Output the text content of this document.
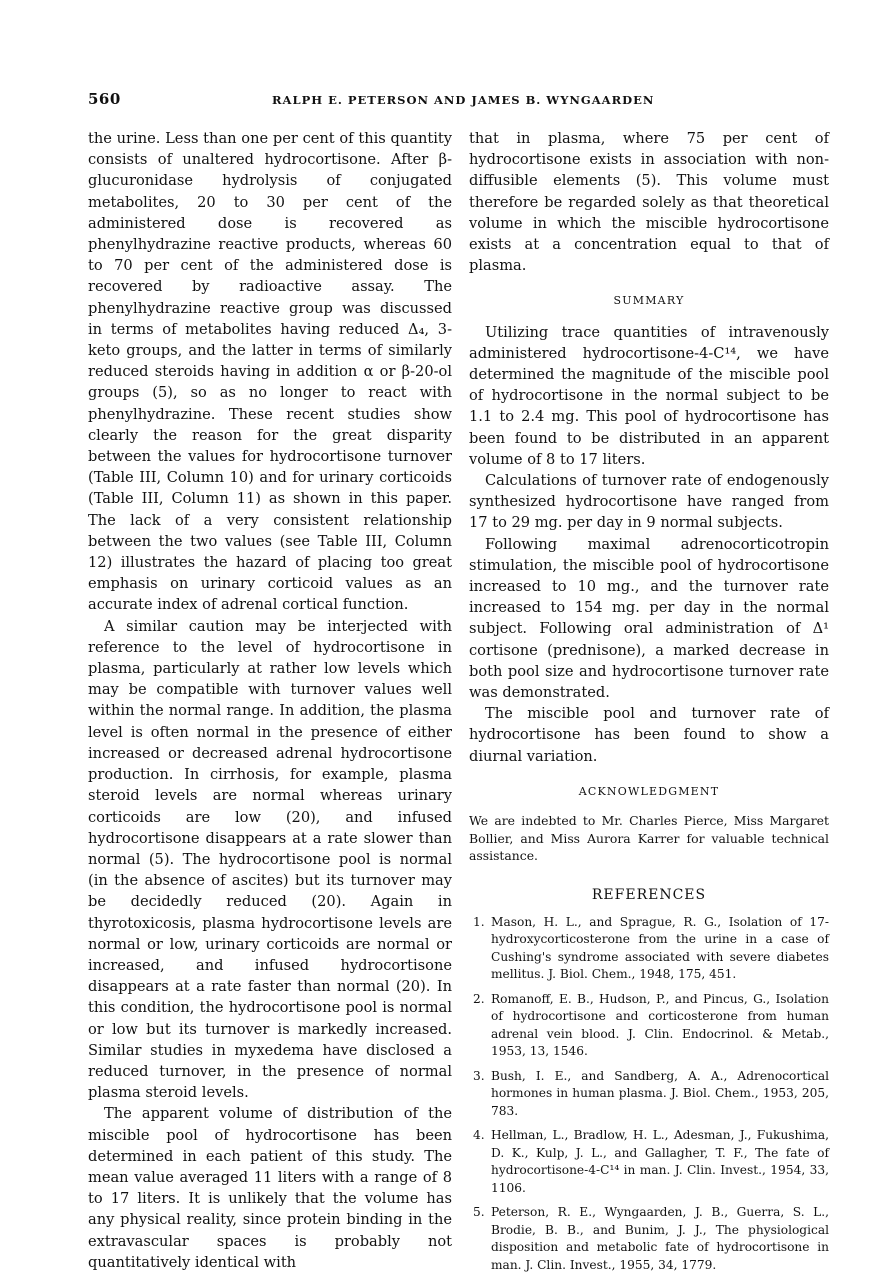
560	RALPH E. PETERSON AND JAMES B. WYNGAARDEN

the urine. Less than one per cent of this quantity consists of unaltered hydrocortisone. After β-glucuronidase hydrolysis of conjugated metabolites, 20 to 30 per cent of the administered dose is recovered as phenylhydrazine reactive products, whereas 60 to 70 per cent of the administered dose is recovered by radioactive assay. The phenylhydrazine reactive group was discussed in terms of metabolites having reduced Δ₄, 3-keto groups, and the latter in terms of similarly reduced steroids having in addition α or β-20-ol groups (5), so as no longer to react with phenylhydrazine. These recent studies show clearly the reason for the great disparity between the values for hydrocortisone turnover (Table III, Column 10) and for urinary corticoids (Table III, Column 11) as shown in this paper. The lack of a very consistent relationship between the two values (see Table III, Column 12) illustrates the hazard of placing too great emphasis on urinary corticoid values as an accurate index of adrenal cortical function.

A similar caution may be interjected with reference to the level of hydrocortisone in plasma, particularly at rather low levels which may be compatible with turnover values well within the normal range. In addition, the plasma level is often normal in the presence of either increased or decreased adrenal hydrocortisone production. In cirrhosis, for example, plasma steroid levels are normal whereas urinary corticoids are low (20), and infused hydrocortisone disappears at a rate slower than normal (5). The hydrocortisone pool is normal (in the absence of ascites) but its turnover may be decidedly reduced (20). Again in thyrotoxicosis, plasma hydrocortisone levels are normal or low, urinary corticoids are normal or increased, and infused hydrocortisone disappears at a rate faster than normal (20). In this condition, the hydrocortisone pool is normal or low but its turnover is markedly increased. Similar studies in myxedema have disclosed a reduced turnover, in the presence of normal plasma steroid levels.

The apparent volume of distribution of the miscible pool of hydrocortisone has been determined in each patient of this study. The mean value averaged 11 liters with a range of 8 to 17 liters. It is unlikely that the volume has any physical reality, since protein binding in the extravascular spaces is probably not quantitatively identical with

that in plasma, where 75 per cent of hydrocortisone exists in association with non-diffusible elements (5). This volume must therefore be regarded solely as that theoretical volume in which the miscible hydrocortisone exists at a concentration equal to that of plasma.

SUMMARY

Utilizing trace quantities of intravenously administered hydrocortisone-4-C¹⁴, we have determined the magnitude of the miscible pool of hydrocortisone in the normal subject to be 1.1 to 2.4 mg. This pool of hydrocortisone has been found to be distributed in an apparent volume of 8 to 17 liters.

Calculations of turnover rate of endogenously synthesized hydrocortisone have ranged from 17 to 29 mg. per day in 9 normal subjects.

Following maximal adrenocorticotropin stimulation, the miscible pool of hydrocortisone increased to 10 mg., and the turnover rate increased to 154 mg. per day in the normal subject. Following oral administration of Δ¹ cortisone (prednisone), a marked decrease in both pool size and hydrocortisone turnover rate was demonstrated.

The miscible pool and turnover rate of hydrocortisone has been found to show a diurnal variation.

ACKNOWLEDGMENT

We are indebted to Mr. Charles Pierce, Miss Margaret Bollier, and Miss Aurora Karrer for valuable technical assistance.

REFERENCES
1. Mason, H. L., and Sprague, R. G., Isolation of 17-hydroxycorticosterone from the urine in a case of Cushing's syndrome associated with severe diabetes mellitus. J. Biol. Chem., 1948, 175, 451.
2. Romanoff, E. B., Hudson, P., and Pincus, G., Isolation of hydrocortisone and corticosterone from human adrenal vein blood. J. Clin. Endocrinol. & Metab., 1953, 13, 1546.
3. Bush, I. E., and Sandberg, A. A., Adrenocortical hormones in human plasma. J. Biol. Chem., 1953, 205, 783.
4. Hellman, L., Bradlow, H. L., Adesman, J., Fukushima, D. K., Kulp, J. L., and Gallagher, T. F., The fate of hydrocortisone-4-C¹⁴ in man. J. Clin. Invest., 1954, 33, 1106.
5. Peterson, R. E., Wyngaarden, J. B., Guerra, S. L., Brodie, B. B., and Bunim, J. J., The physiological disposition and metabolic fate of hydrocortisone in man. J. Clin. Invest., 1955, 34, 1779.
